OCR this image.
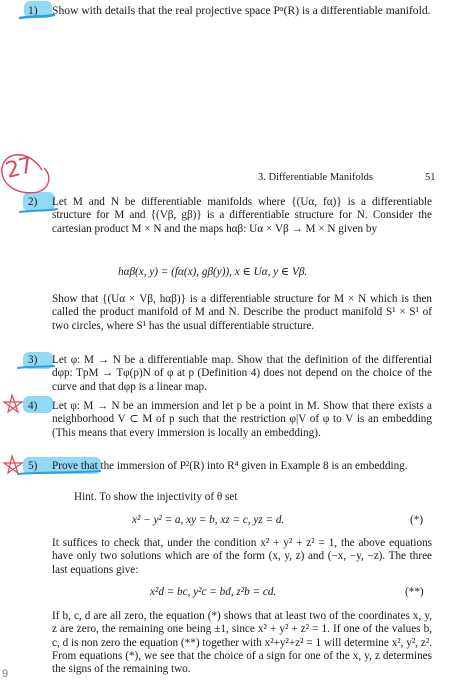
1) Show with details that the real projective space Pⁿ(R) is a differentiable manifold.
27	3. Differentiable Manifolds	51
2) Let M and N be differentiable manifolds where {(Uα, fα)} is a differentiable structure for M and {(Vβ, gβ)} is a differentiable structure for N. Consider the cartesian product M × N and the maps hαβ: Uα × Vβ → M × N given by
hαβ(x, y) = (fα(x), gβ(y)), x ∈ Uα, y ∈ Vβ.
Show that {(Uα × Vβ, hαβ)} is a differentiable structure for M × N which is then called the product manifold of M and N. Describe the product manifold S¹ × S¹ of two circles, where S¹ has the usual differentiable structure.
3) Let φ: M → N be a differentiable map. Show that the definition of the differential dφp: TpM → Tφ(p)N of φ at p (Definition 4) does not depend on the choice of the curve and that dφp is a linear map.
4) Let φ: M → N be an immersion and let p be a point in M. Show that there exists a neighborhood V ⊂ M of p such that the restriction φ|V of φ to V is an embedding (This means that every immersion is locally an embedding).
5) Prove that the immersion of P²(R) into R⁴ given in Example 8 is an embedding.
Hint. To show the injectivity of θ set
x² − y² = a, xy = b, xz = c, yz = d.	(*)
It suffices to check that, under the condition x² + y² + z² = 1, the above equations have only two solutions which are of the form (x, y, z) and (−x, −y, −z). The three last equations give:
x²d = bc, y²c = bd, z²b = cd.	(**)
If b, c, d are all zero, the equation (*) shows that at least two of the coordinates x, y, z are zero, the remaining one being ±1, since x² + y² + z² = 1. If one of the values b, c, d is non zero the equation (**) together with x²+y²+z² = 1 will determine x², y², z². From equations (*), we see that the choice of a sign for one of the x, y, z determines the signs of the remaining two.
9
